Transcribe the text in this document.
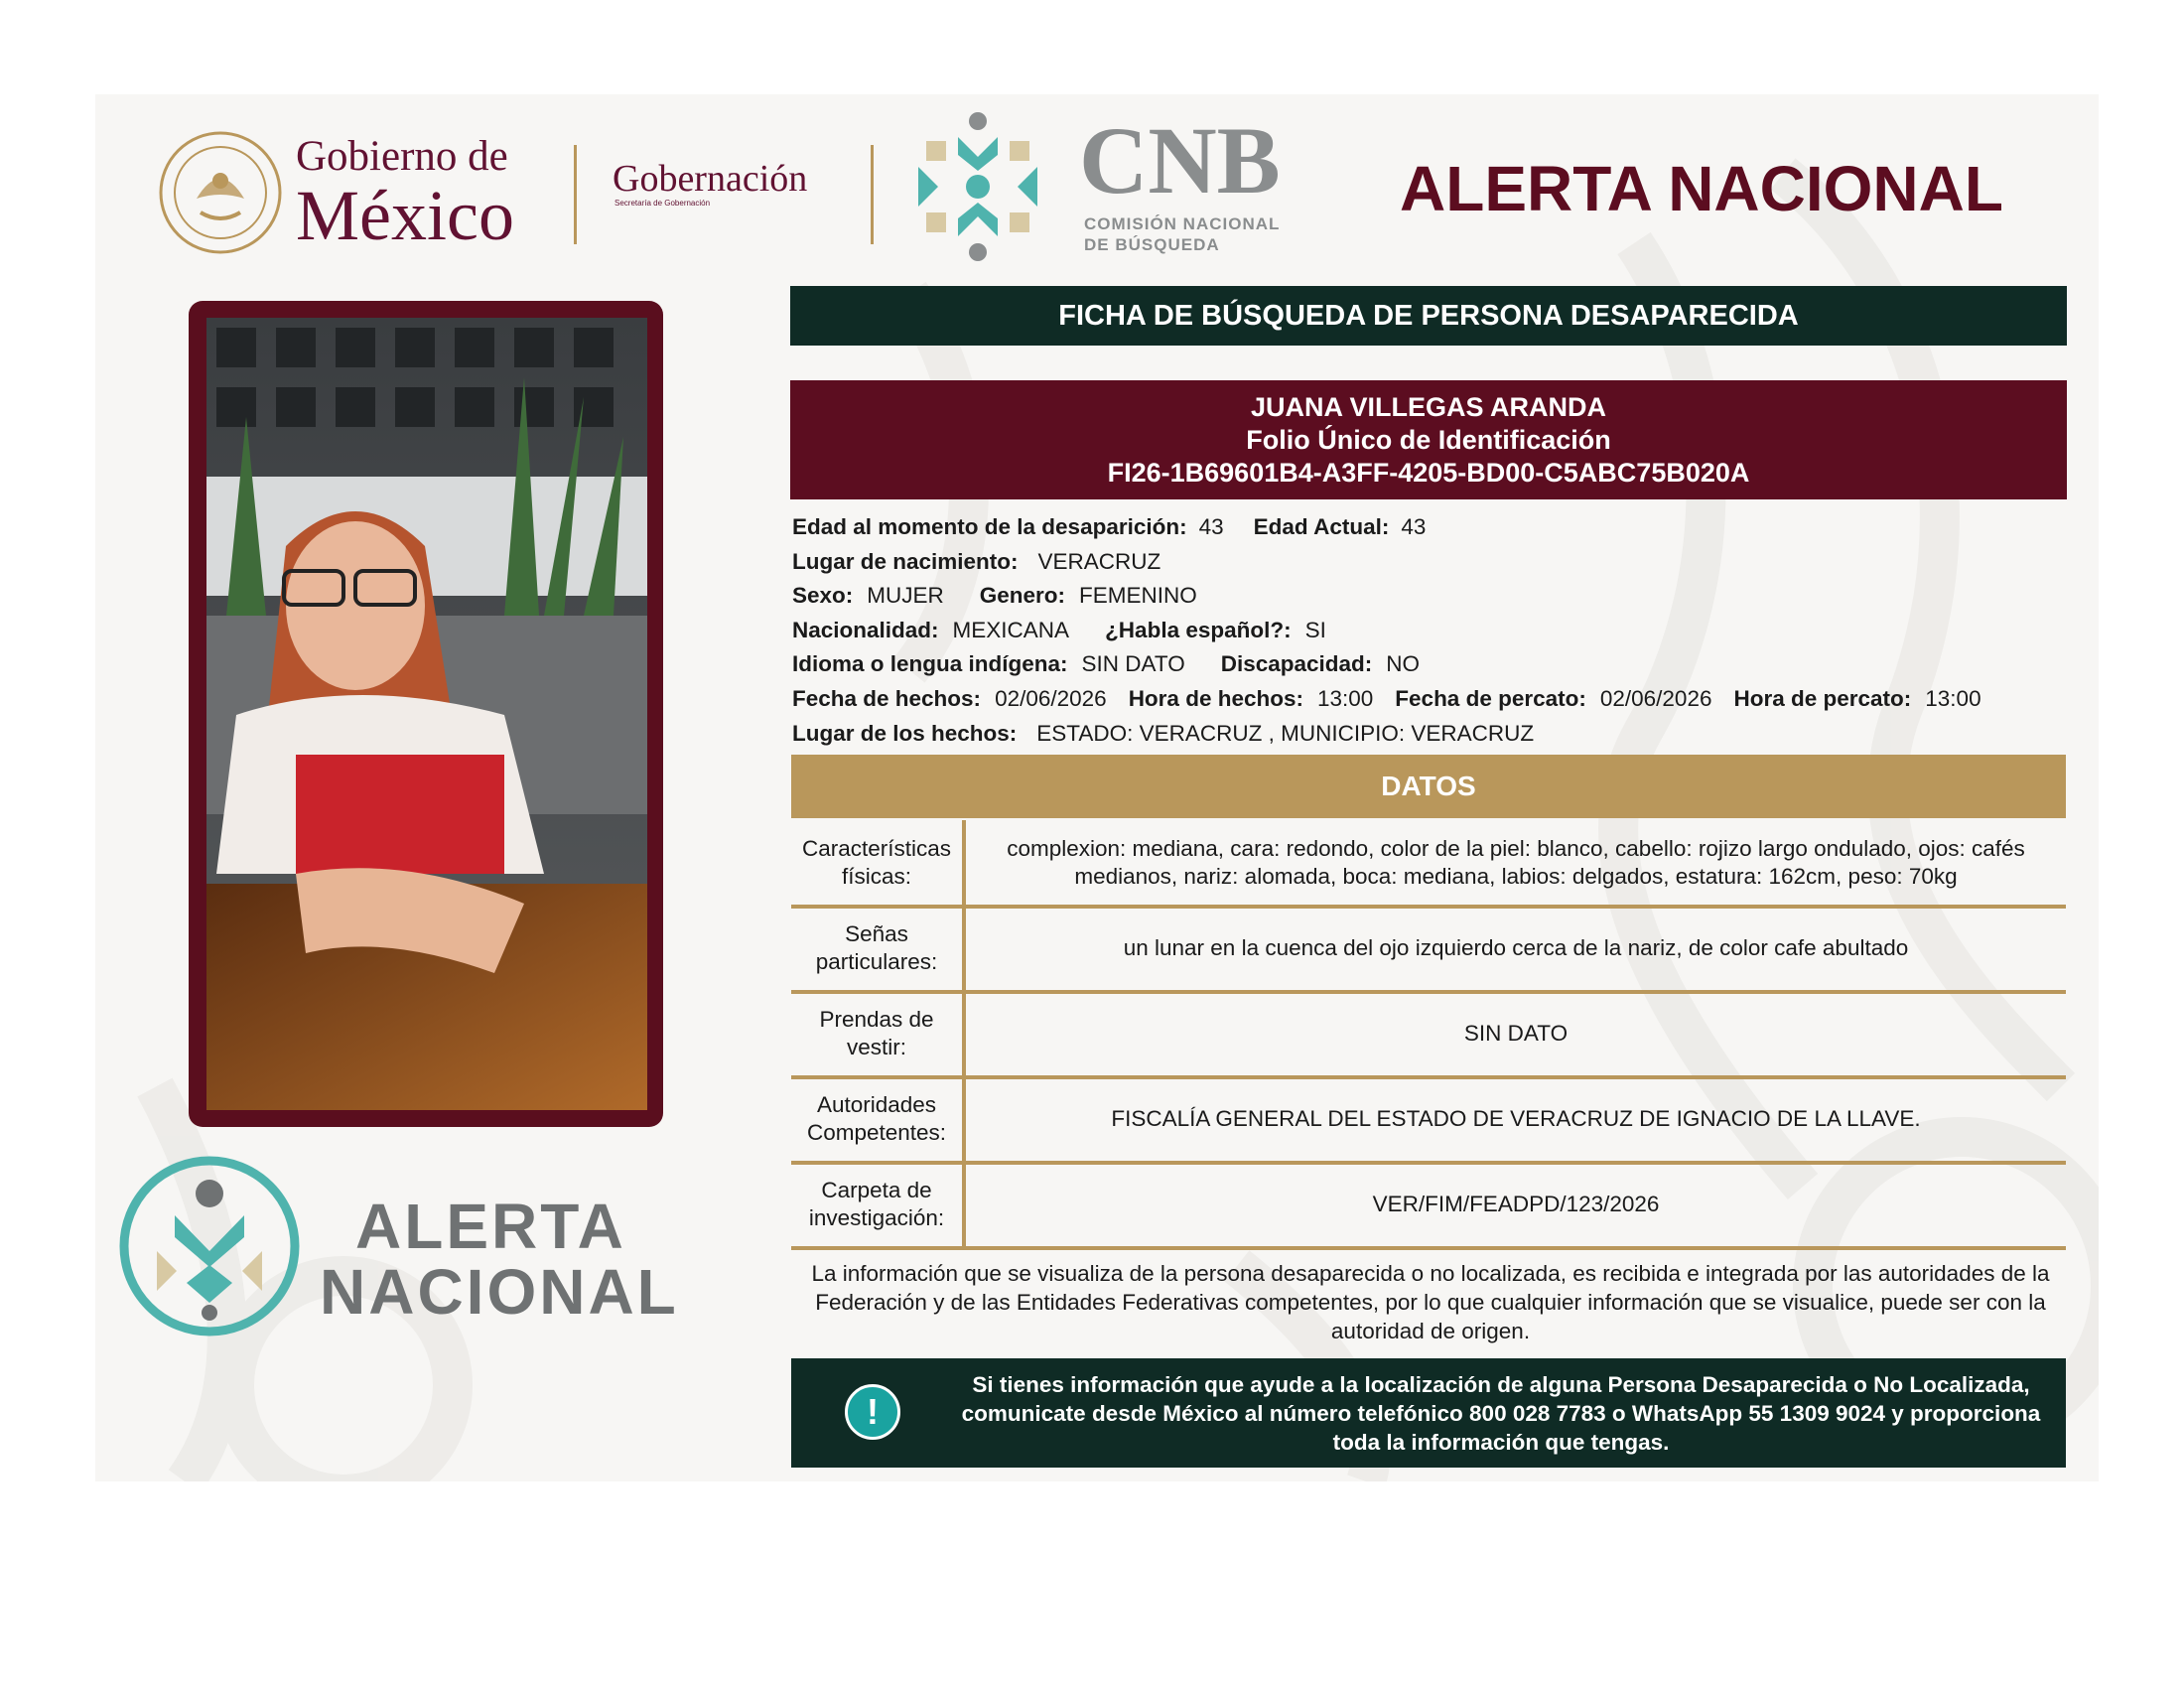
Gobierno de
México	Gobernación
Secretaría de Gobernación	CNB
COMISIÓN NACIONAL
DE BÚSQUEDA
ALERTA NACIONAL
ALERTA
NACIONAL
FICHA DE BÚSQUEDA DE PERSONA DESAPARECIDA
JUANA VILLEGAS ARANDA
Folio Único de Identificación
FI26-1B69601B4-A3FF-4205-BD00-C5ABC75B020A
Edad al momento de la desaparición: 43 Edad Actual: 43
Lugar de nacimiento: VERACRUZ
Sexo: MUJER Genero: FEMENINO
Nacionalidad: MEXICANA ¿Habla español?: SI
Idioma o lengua indígena: SIN DATO Discapacidad: NO
Fecha de hechos: 02/06/2026 Hora de hechos: 13:00 Fecha de percato: 02/06/2026 Hora de percato: 13:00
Lugar de los hechos: ESTADO: VERACRUZ , MUNICIPIO: VERACRUZ
DATOS
Características físicas:
complexion: mediana, cara: redondo, color de la piel: blanco, cabello: rojizo largo ondulado, ojos: cafés medianos, nariz: alomada, boca: mediana, labios: delgados, estatura: 162cm, peso: 70kg
Señas particulares:
un lunar en la cuenca del ojo izquierdo cerca de la nariz, de color cafe abultado
Prendas de vestir:
SIN DATO
Autoridades Competentes:
FISCALÍA GENERAL DEL ESTADO DE VERACRUZ DE IGNACIO DE LA LLAVE.
Carpeta de investigación:
VER/FIM/FEADPD/123/2026
La información que se visualiza de la persona desaparecida o no localizada, es recibida e integrada por las autoridades de la Federación y de las Entidades Federativas competentes, por lo que cualquier información que se visualice, puede ser con la autoridad de origen.
!
Si tienes información que ayude a la localización de alguna Persona Desaparecida o No Localizada, comunicate desde México al número telefónico 800 028 7783 o WhatsApp 55 1309 9024 y proporciona toda la información que tengas.
